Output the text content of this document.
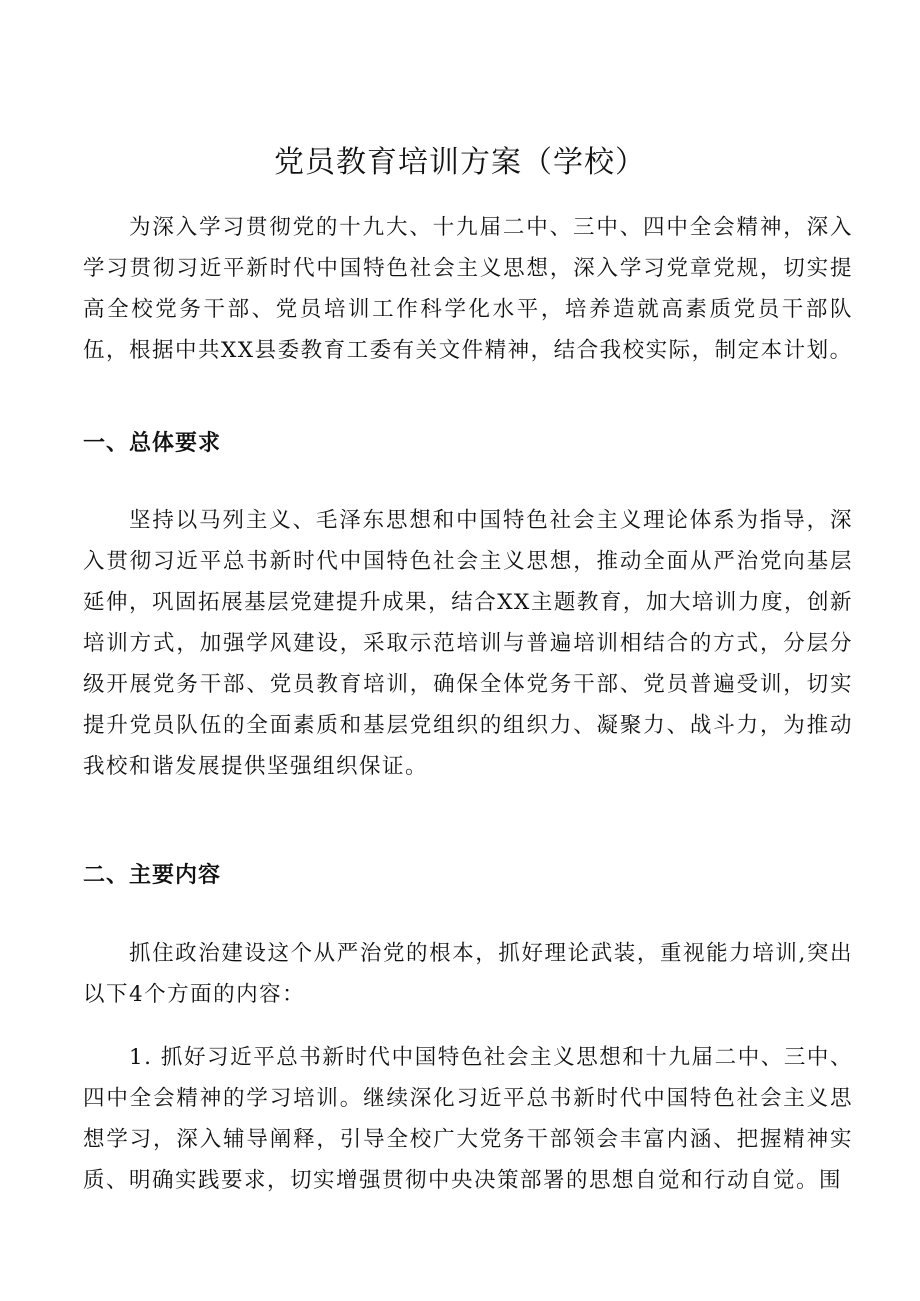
党员教育培训方案（学校）

为深入学习贯彻党的十九大、十九届二中、三中、四中全会精神，深入学习贯彻习近平新时代中国特色社会主义思想，深入学习党章党规，切实提高全校党务干部、党员培训工作科学化水平，培养造就高素质党员干部队伍，根据中共XX县委教育工委有关文件精神，结合我校实际，制定本计划。

一、总体要求

坚持以马列主义、毛泽东思想和中国特色社会主义理论体系为指导，深入贯彻习近平总书新时代中国特色社会主义思想，推动全面从严治党向基层延伸，巩固拓展基层党建提升成果，结合XX主题教育，加大培训力度，创新培训方式，加强学风建设，采取示范培训与普遍培训相结合的方式，分层分级开展党务干部、党员教育培训，确保全体党务干部、党员普遍受训，切实提升党员队伍的全面素质和基层党组织的组织力、凝聚力、战斗力，为推动我校和谐发展提供坚强组织保证。

二、主要内容

抓住政治建设这个从严治党的根本，抓好理论武装，重视能力培训,突出以下4个方面的内容：

1. 抓好习近平总书新时代中国特色社会主义思想和十九届二中、三中、四中全会精神的学习培训。继续深化习近平总书新时代中国特色社会主义思想学习，深入辅导阐释，引导全校广大党务干部领会丰富内涵、把握精神实质、明确实践要求，切实增强贯彻中央决策部署的思想自觉和行动自觉。围
